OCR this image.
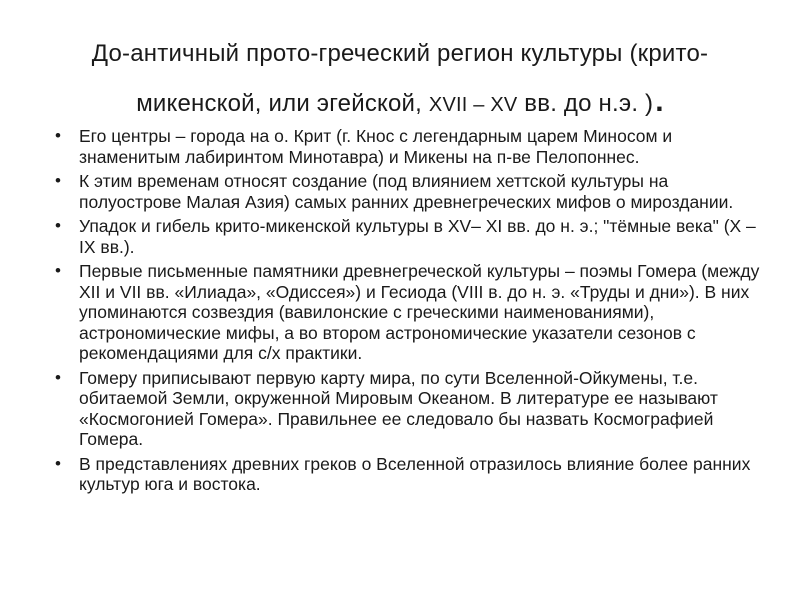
До-античный прото-греческий регион культуры (крито-
микенской, или эгейской, XVII – XV вв. до н.э. ).
• Его центры – города на о. Крит (г. Кнос с легендарным царем Миносом и знаменитым лабиринтом Минотавра) и Микены на п-ве Пелопоннес.
• К этим временам относят создание (под влиянием хеттской культуры на полуострове Малая Азия) самых ранних древнегреческих мифов о мироздании.
• Упадок и гибель крито-микенской культуры в XV– XI вв. до н. э.; "тёмные века" (X – IX вв.).
• Первые письменные памятники древнегреческой культуры – поэмы Гомера (между XII и VII вв. «Илиада», «Одиссея») и Гесиода (VIII в. до н. э. «Труды и дни»). В них упоминаются созвездия (вавилонские с греческими наименованиями), астрономические мифы, а во втором астрономические указатели сезонов с рекомендациями для с/х практики.
• Гомеру приписывают первую карту мира, по сути Вселенной-Ойкумены, т.е. обитаемой Земли, окруженной Мировым Океаном. В литературе ее называют «Космогонией Гомера». Правильнее ее следовало бы назвать Космографией Гомера.
• В представлениях древних греков о Вселенной отразилось влияние более ранних культур юга и востока.
